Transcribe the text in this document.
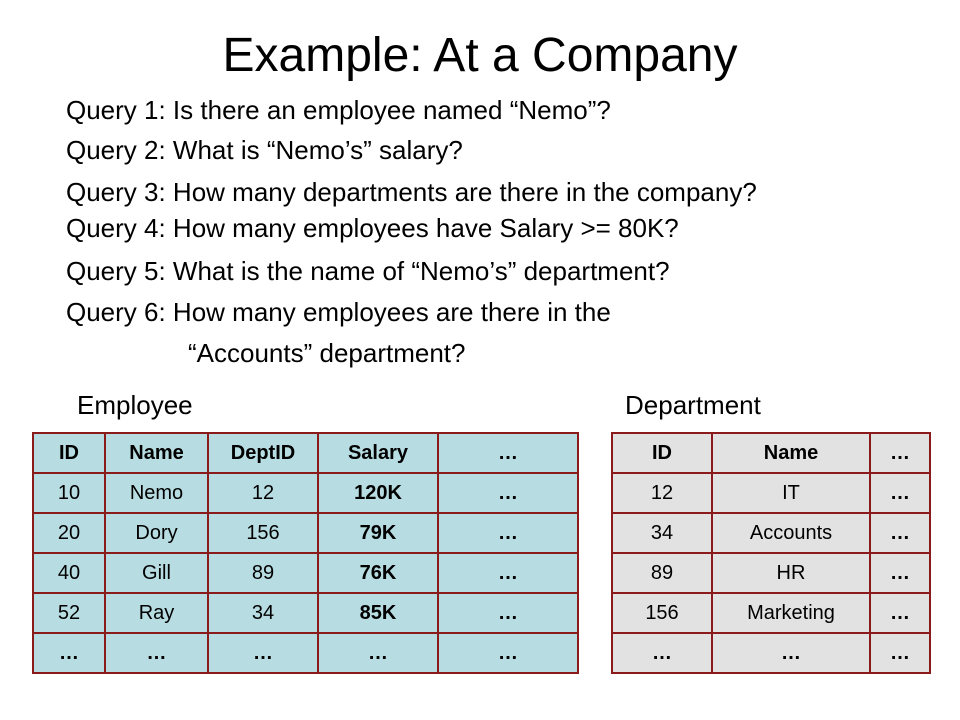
Example: At a Company
Query 1: Is there an employee named “Nemo”?
Query 2: What is “Nemo’s” salary?
Query 3: How many departments are there in the company?
Query 4: How many employees have Salary >= 80K?
Query 5: What is the name of “Nemo’s” department?
Query 6: How many employees are there in the
“Accounts” department?
Employee	Department
ID	Name	DeptID	Salary	…
10	Nemo	12	120K	…
20	Dory	156	79K	…
40	Gill	89	76K	…
52	Ray	34	85K	…
…	…	…	…	…
ID	Name	…
12	IT	…
34	Accounts	…
89	HR	…
156	Marketing	…
…	…	…
